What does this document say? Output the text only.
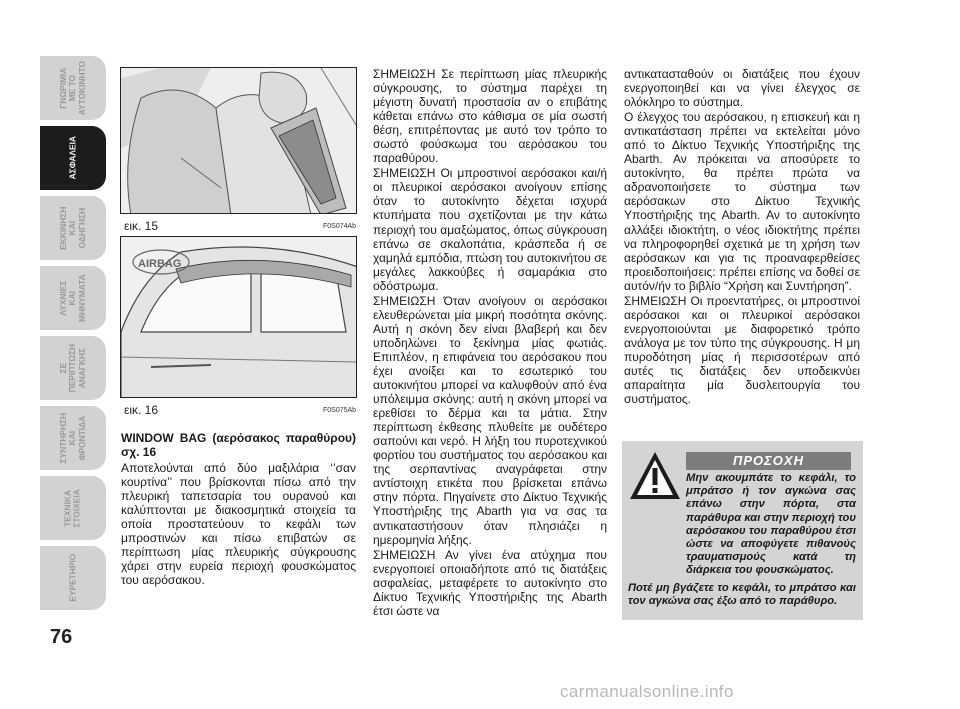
ΓΝΩΡΙΜΙΑ
ΜΕ ΤΟ
ΑΥΤΟΚΙΝΗΤΟ
ΑΣΦΑΛΕΙΑ
ΕΚΚΙΝΗΣΗ
ΚΑΙ
ΟΔΗΓΗΣΗ
ΛΥΧΝΙΕΣ
ΚΑΙ
ΜΗΝΥΜΑΤΑ
ΣΕ
ΠΕΡΙΠΤΩΣΗ
ΑΝΑΓΚΗΣ
ΣΥΝΤΗΡΗΣΗ
ΚΑΙ
ΦΡΟΝΤΙΔΑ
ΤΕΧΝΙΚΑ
ΣΤΟΙΧΕΙΑ
ΕΥΡΕΤΗΡΙΟ
76
εικ. 15	F0S074Ab
AIRBAG
εικ. 16	F0S075Ab

WINDOW BAG (αερόσακος παραθύρου) σχ. 16

Αποτελούνται από δύο μαξιλάρια ‘’σαν κουρτίνα’’ που βρίσκονται πίσω από την πλευρική ταπετσαρία του ουρανού και καλύπτονται με διακοσμητικά στοιχεία τα οποία προστατεύουν το κεφάλι των μπροστινών και πίσω επιβατών σε περίπτωση μίας πλευρικής σύγκρουσης χάρει στην ευρεία περιοχή φουσκώματος του αερόσακου.

ΣΗΜΕΙΩΣΗ Σε περίπτωση μίας πλευρικής σύγκρουσης, το σύστημα παρέχει τη μέγιστη δυνατή προστασία αν ο επιβάτης κάθεται επάνω στο κάθισμα σε μία σωστή θέση, επιτρέποντας με αυτό τον τρόπο το σωστό φούσκωμα του αερόσακου του παραθύρου.

ΣΗΜΕΙΩΣΗ Οι μπροστινοί αερόσακοι και/ή οι πλευρικοί αερόσακοι ανοίγουν επίσης όταν το αυτοκίνητο δέχεται ισχυρά κτυπήματα που σχετίζονται με την κάτω περιοχή του αμαξώματος, όπως σύγκρουση επάνω σε σκαλοπάτια, κράσπεδα ή σε χαμηλά εμπόδια, πτώση του αυτοκινήτου σε μεγάλες λακκούβες ή σαμαράκια στο οδόστρωμα.

ΣΗΜΕΙΩΣΗ Όταν ανοίγουν οι αερόσακοι ελευθερώνεται μία μικρή ποσότητα σκόνης. Αυτή η σκόνη δεν είναι βλαβερή και δεν υποδηλώνει το ξεκίνημα μίας φωτιάς. Επιπλέον, η επιφάνεια του αερόσακου που έχει ανοίξει και το εσωτερικό του αυτοκινήτου μπορεί να καλυφθούν από ένα υπόλειμμα σκόνης: αυτή η σκόνη μπορεί να ερεθίσει το δέρμα και τα μάτια. Στην περίπτωση έκθεσης πλυθείτε με ουδέτερο σαπούνι και νερό. Η λήξη του πυροτεχνικού φορτίου του συστήματος του αερόσακου και της σερπαντίνας αναγράφεται στην αντίστοιχη ετικέτα που βρίσκεται επάνω στην πόρτα. Πηγαίνετε στο Δίκτυο Τεχνικής Υποστήριξης της Abarth για να σας τα αντικαταστήσουν όταν πλησιάζει η ημερομηνία λήξης.

ΣΗΜΕΙΩΣΗ Αν γίνει ένα ατύχημα που ενεργοποιεί οποιαδήποτε από τις διατάξεις ασφαλείας, μεταφέρετε το αυτοκίνητο στο Δίκτυο Τεχνικής Υποστήριξης της Abarth έτσι ώστε να

αντικατασταθούν οι διατάξεις που έχουν ενεργοποιηθεί και να γίνει έλεγχος σε ολόκληρο το σύστημα.

Ο έλεγχος του αερόσακου, η επισκευή και η αντικατάσταση πρέπει να εκτελείται μόνο από το Δίκτυο Τεχνικής Υποστήριξης της Abarth. Αν πρόκειται να αποσύρετε το αυτοκίνητο, θα πρέπει πρώτα να αδρανοποιήσετε το σύστημα των αερόσακων στο Δίκτυο Τεχνικής Υποστήριξης της Abarth. Αν το αυτοκίνητο αλλάξει ιδιοκτήτη, ο νέος ιδιοκτήτης πρέπει να πληροφορηθεί σχετικά με τη χρήση των αερόσακων και για τις προαναφερθείσες προειδοποιήσεις: πρέπει επίσης να δοθεί σε αυτόν/ήν το βιβλίο “Χρήση και Συντήρηση”.

ΣΗΜΕΙΩΣΗ Οι προεντατήρες, οι μπροστινοί αερόσακοι και οι πλευρικοί αερόσακοι ενεργοποιούνται με διαφορετικό τρόπο ανάλογα με τον τύπο της σύγκρουσης. Η μη πυροδότηση μίας ή περισσοτέρων από αυτές τις διατάξεις δεν υποδεικνύει απαραίτητα μία δυσλειτουργία του συστήματος.

ΠΡΟΣΟΧΗ

Μην ακουμπάτε το κεφάλι, το μπράτσο ή τον αγκώνα σας επάνω στην πόρτα, στα παράθυρα και στην περιοχή του αερόσακου του παραθύρου έτσι ώστε να αποφύγετε πιθανούς τραυματισμούς κατά τη διάρκεια του φουσκώματος.

Ποτέ μη βγάζετε το κεφάλι, το μπράτσο και τον αγκώνα σας έξω από το παράθυρο.

carmanualsonline.info
